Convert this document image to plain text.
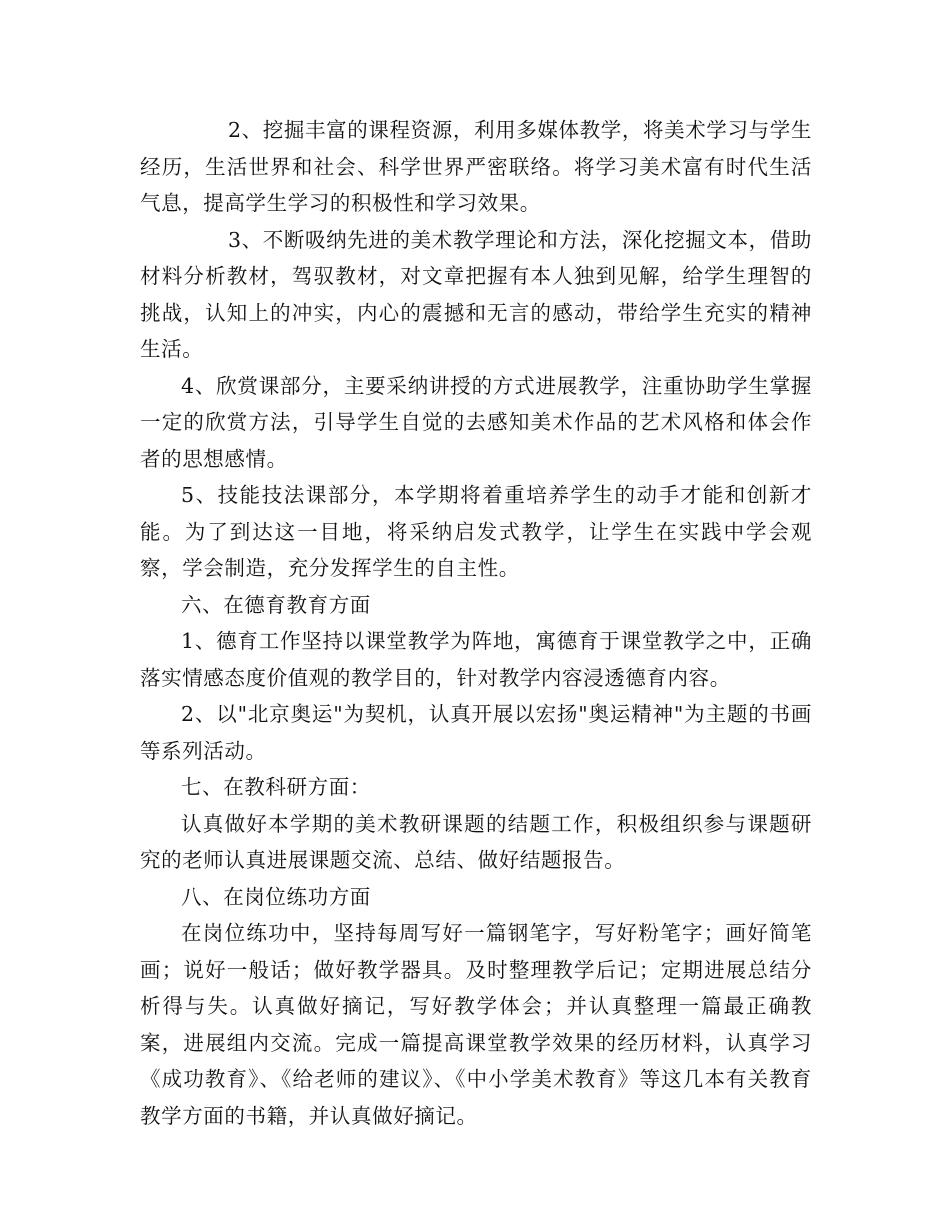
2、挖掘丰富的课程资源，利用多媒体教学，将美术学习与学生经历，生活世界和社会、科学世界严密联络。将学习美术富有时代生活气息，提高学生学习的积极性和学习效果。

3、不断吸纳先进的美术教学理论和方法，深化挖掘文本，借助材料分析教材，驾驭教材，对文章把握有本人独到见解，给学生理智的挑战，认知上的冲实，内心的震撼和无言的感动，带给学生充实的精神生活。

4、欣赏课部分，主要采纳讲授的方式进展教学，注重协助学生掌握一定的欣赏方法，引导学生自觉的去感知美术作品的艺术风格和体会作者的思想感情。

5、技能技法课部分，本学期将着重培养学生的动手才能和创新才能。为了到达这一目地，将采纳启发式教学，让学生在实践中学会观察，学会制造，充分发挥学生的自主性。

六、在德育教育方面

1、德育工作坚持以课堂教学为阵地，寓德育于课堂教学之中，正确落实情感态度价值观的教学目的，针对教学内容浸透德育内容。

2、以"北京奥运"为契机，认真开展以宏扬"奥运精神"为主题的书画等系列活动。

七、在教科研方面：

认真做好本学期的美术教研课题的结题工作，积极组织参与课题研究的老师认真进展课题交流、总结、做好结题报告。

八、在岗位练功方面

在岗位练功中，坚持每周写好一篇钢笔字，写好粉笔字；画好简笔画；说好一般话；做好教学器具。及时整理教学后记；定期进展总结分析得与失。认真做好摘记，写好教学体会；并认真整理一篇最正确教案，进展组内交流。完成一篇提高课堂教学效果的经历材料，认真学习《成功教育》、《给老师的建议》、《中小学美术教育》等这几本有关教育教学方面的书籍，并认真做好摘记。
